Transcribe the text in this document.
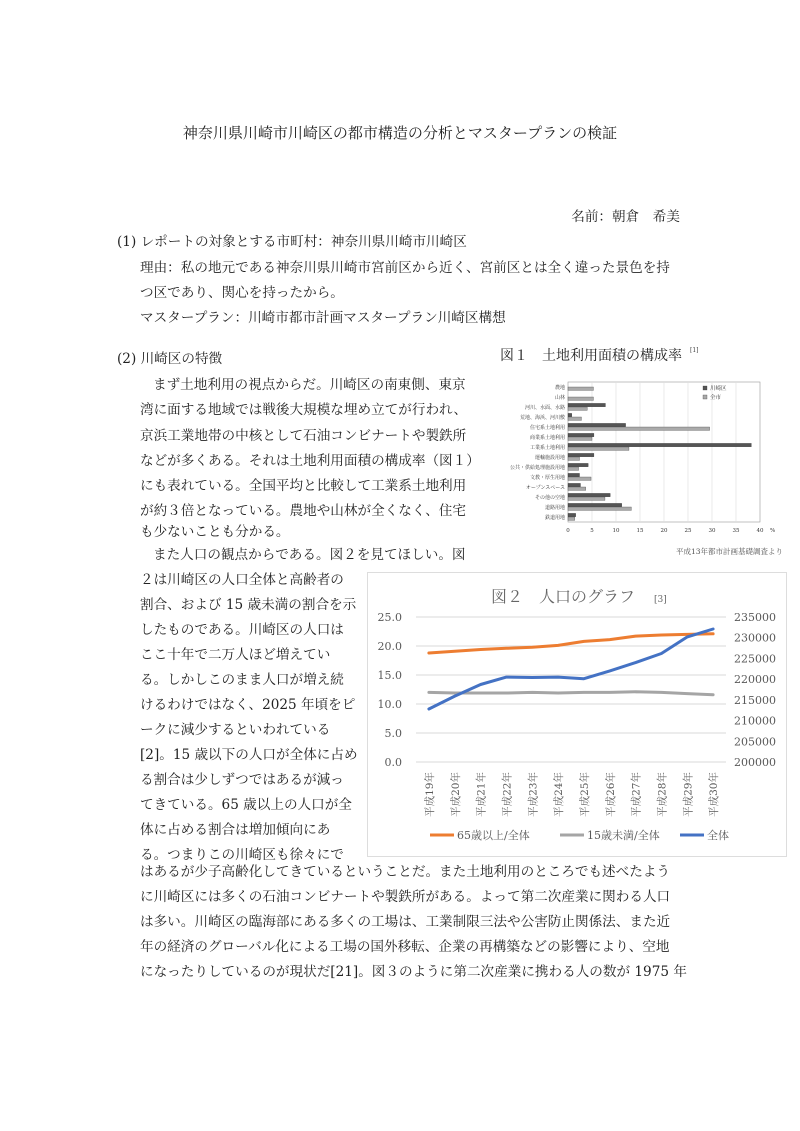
神奈川県川崎市川崎区の都市構造の分析とマスタープランの検証
名前：朝倉　希美
(1) レポートの対象とする市町村：神奈川県川崎市川崎区
理由：私の地元である神奈川県川崎市宮前区から近く、宮前区とは全く違った景色を持
つ区であり、関心を持ったから。
マスタープラン：川崎市都市計画マスタープラン川崎区構想
(2) 川崎区の特徴
まず土地利用の視点からだ。川崎区の南東側、東京
湾に面する地域では戦後大規模な埋め立てが行われ、
京浜工業地帯の中核として石油コンビナートや製鉄所
などが多くある。それは土地利用面積の構成率（図１）
にも表れている。全国平均と比較して工業系土地利用
が約３倍となっている。農地や山林が全くなく、住宅
も少ないことも分かる。
また人口の観点からである。図２を見てほしい。図
２は川崎区の人口全体と高齢者の
割合、および 15 歳未満の割合を示
したものである。川崎区の人口は
ここ十年で二万人ほど増えてい
る。しかしこのまま人口が増え続
けるわけではなく、2025 年頃をピ
ークに減少するといわれている
[2]。15 歳以下の人口が全体に占め
る割合は少しずつではあるが減っ
てきている。65 歳以上の人口が全
体に占める割合は増加傾向にあ
る。つまりこの川崎区も徐々にで
はあるが少子高齢化してきているということだ。また土地利用のところでも述べたよう
に川崎区には多くの石油コンビナートや製鉄所がある。よって第二次産業に関わる人口
は多い。川崎区の臨海部にある多くの工場は、工業制限三法や公害防止関係法、また近
年の経済のグローバル化による工場の国外移転、企業の再構築などの影響により、空地
になったりしているのが現状だ[21]。図３のように第二次産業に携わる人の数が 1975 年
図１　土地利用面積の構成率 [1]
0	5	10	15	20	25	30	35	40 %
農地
山林
河川、水面、水路
荒地、海浜、河川敷
住宅系土地利用
商業系土地利用
工業系土地利用
運輸施設用地
公共・供給処理施設用地
文教・厚生用地
オープンスペース
その他の空地
道路用地
鉄道用地
川崎区
全市
平成13年都市計画基礎調査より
図２　人口のグラフ [3]
0.0
5.0
10.0
15.0
20.0
25.0
200000
205000
210000
215000
220000
225000
230000
235000
平成19年 平成20年 平成21年 平成22年 平成23年 平成24年 平成25年 平成26年 平成27年 平成28年 平成29年 平成30年
65歳以上/全体	15歳未満/全体	全体
